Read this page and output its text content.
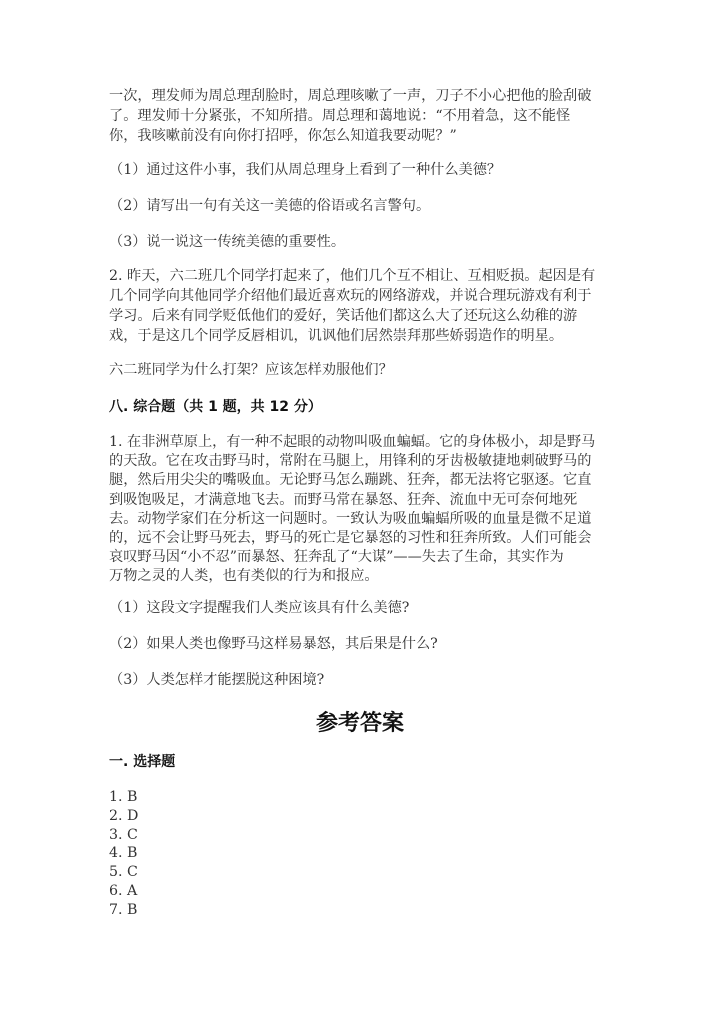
一次，理发师为周总理刮脸时，周总理咳嗽了一声，刀子不小心把他的脸刮破
了。理发师十分紧张，不知所措。周总理和蔼地说：“不用着急，这不能怪
你，我咳嗽前没有向你打招呼，你怎么知道我要动呢？”
（1）通过这件小事，我们从周总理身上看到了一种什么美德？
（2）请写出一句有关这一美德的俗语或名言警句。
（3）说一说这一传统美德的重要性。
2. 昨天，六二班几个同学打起来了，他们几个互不相让、互相贬损。起因是有
几个同学向其他同学介绍他们最近喜欢玩的网络游戏，并说合理玩游戏有利于
学习。后来有同学贬低他们的爱好，笑话他们都这么大了还玩这么幼稚的游
戏，于是这几个同学反唇相讥，讥讽他们居然崇拜那些娇弱造作的明星。
六二班同学为什么打架？应该怎样劝服他们？
八. 综合题（共 1 题，共 12 分）
1. 在非洲草原上，有一种不起眼的动物叫吸血蝙蝠。它的身体极小，却是野马
的天敌。它在攻击野马时，常附在马腿上，用锋利的牙齿极敏捷地刺破野马的
腿，然后用尖尖的嘴吸血。无论野马怎么蹦跳、狂奔，都无法将它驱逐。它直
到吸饱吸足，才满意地飞去。而野马常在暴怒、狂奔、流血中无可奈何地死
去。动物学家们在分析这一问题时。一致认为吸血蝙蝠所吸的血量是微不足道
的，远不会让野马死去，野马的死亡是它暴怒的习性和狂奔所致。人们可能会
哀叹野马因“小不忍”而暴怒、狂奔乱了“大谋”——失去了生命，其实作为
万物之灵的人类，也有类似的行为和报应。
（1）这段文字提醒我们人类应该具有什么美德?
（2）如果人类也像野马这样易暴怒，其后果是什么?
（3）人类怎样才能摆脱这种困境?
参考答案
一. 选择题
1. B
2. D
3. C
4. B
5. C
6. A
7. B
